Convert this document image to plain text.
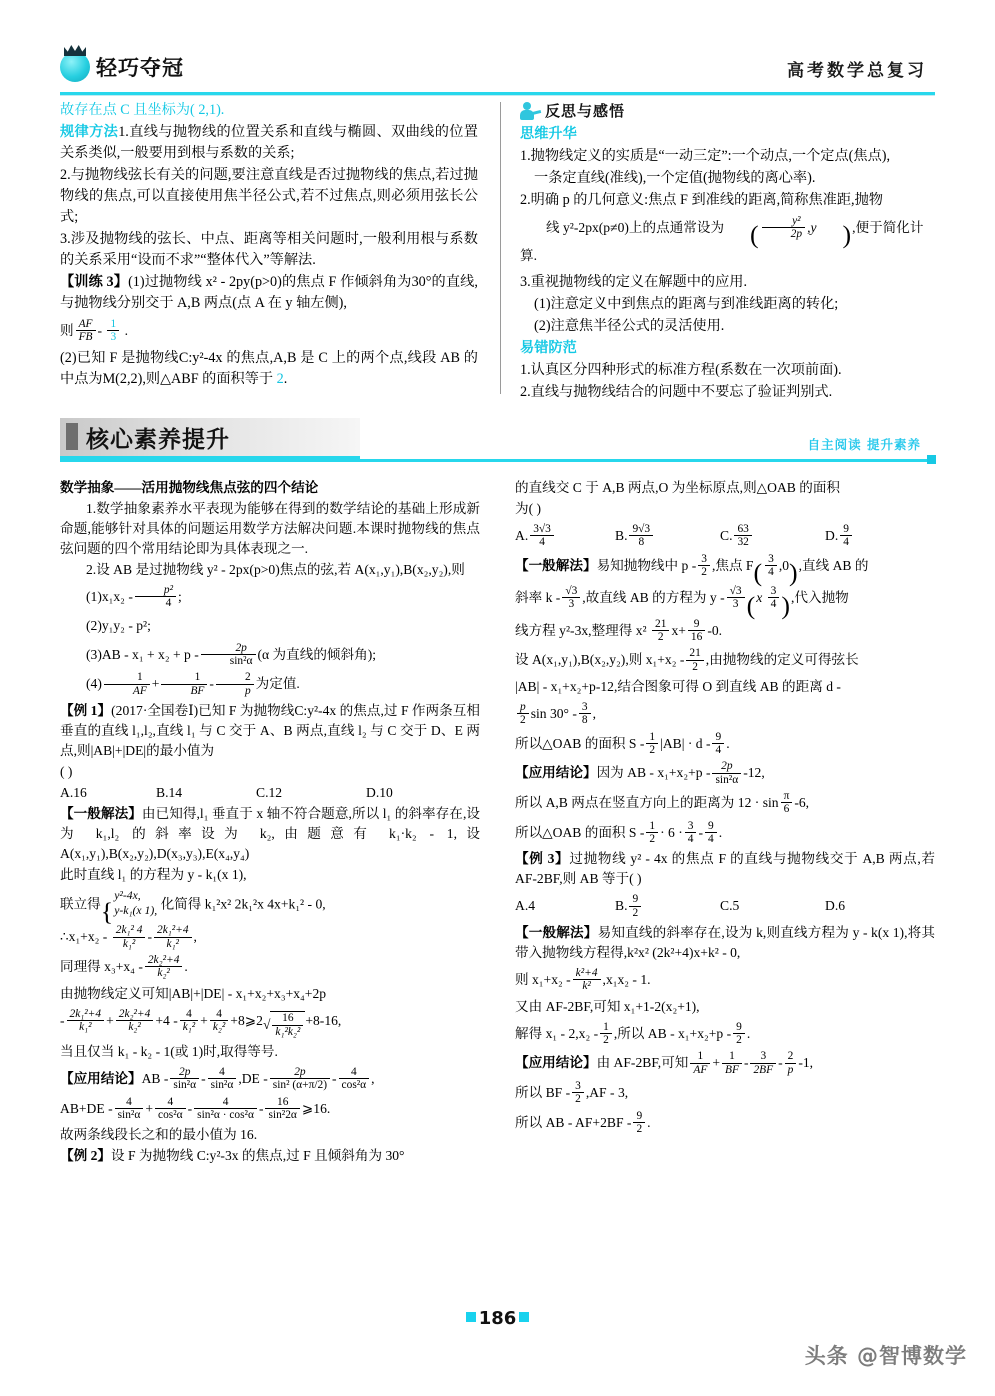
轻巧夺冠	高考数学总复习

故存在点 C 且坐标为( 2,1).

规律方法1.直线与抛物线的位置关系和直线与椭圆、双曲线的位置关系类似,一般要用到根与系数的关系;

2.与抛物线弦长有关的问题,要注意直线是否过抛物线的焦点,若过抛物线的焦点,可以直接使用焦半径公式,若不过焦点,则必须用弦长公式;

3.涉及抛物线的弦长、中点、距离等相关问题时,一般利用根与系数的关系采用“设而不求”“整体代入”等解法.

【训练 3】(1)过抛物线 x² - 2py(p>0)的焦点 F 作倾斜角为30°的直线,与抛物线分别交于 A,B 两点(点 A 在 y 轴左侧),

则 $\frac{AF}{FB} - \frac{1}{3}$ .

(2)已知 F 是抛物线C:y²-4x 的焦点,A,B 是 C 上的两个点,线段 AB 的中点为M(2,2),则△ABF 的面积等于 2.

反思与感悟

思维升华

1.抛物线定义的实质是“一动三定”:一个动点,一个定点(焦点),

一条定直线(准线),一个定值(抛物线的离心率).

2.明确 p 的几何意义:焦点 F 到准线的距离,简称焦准距,抛物

线 y²-2px(p≠0)上的点通常设为 ( $\frac{\text{y²}}{2p} ,y$ ),便于简化计算.

3.重视抛物线的定义在解题中的应用.

(1)注意定义中到焦点的距离与到准线距离的转化;

(2)注意焦半径公式的灵活使用.

易错防范

1.认真区分四种形式的标准方程(系数在一次项前面).

2.直线与抛物线结合的问题中不要忘了验证判别式.

核心素养提升	自主阅读 提升素养

数学抽象——活用抛物线焦点弦的四个结论

1.数学抽象素养水平表现为能够在得到的数学结论的基础上形成新命题,能够针对具体的问题运用数学方法解决问题.本课时抛物线的焦点弦问题的四个常用结论即为具体表现之一.

2.设 AB 是过抛物线 y² - 2px(p>0)焦点的弦,若 A(x₁,y₁),B(x₂,y₂),则

$(1)x_1x_2 - \frac{\text{p²}}{4}$ ;

(2)y₁y₂ - p²;

$(3)AB - x_1 + x_2 + p - \frac{2p}{\text{sin²α}} (\alpha$ 为直线的倾斜角);

$(4) \frac{1}{AF} + \frac{1}{BF} - \frac{2}{p}$ 为定值.

【例 1】(2017·全国卷Ⅰ)已知 F 为抛物线C:y²-4x 的焦点,过 F 作两条互相垂直的直线 l₁,l₂,直线 l₁ 与 C 交于 A、B 两点,直线 l₂ 与 C 交于 D、E 两点,则|AB|+|DE|的最小值为

( )

A.16	B.14	C.12	D.10

【一般解法】由已知得,l₁ 垂直于 x 轴不符合题意,所以 l₁ 的斜率存在,设为 k₁,l₂ 的斜率设为 k₂,由题意有 k₁·k₂ - 1,设 A(x₁,y₁),B(x₂,y₂),D(x₃,y₃),E(x₄,y₄)

此时直线 l₁ 的方程为 y - k₁(x 1),

联立得{
y²-4x,
y-k₁(x 1), 化简得 k₁²x² 2k₁²x 4x+k₁² - 0,

∴x₁+x₂ - $\frac{\text{2k₁² 4}}{\text{k₁²}} - \frac{\text{2k₁²+4}}{\text{k₁²}}$ ,

同理得 $x_3+x_4 - \frac{\text{2k₂²+4}}{\text{k₂²}}$ .

由抛物线定义可知|AB|+|DE| - x₁+x₂+x₃+x₄+2p

- $\frac{\text{2k₁²+4}}{\text{k₁²}} + \frac{\text{2k₂²+4}}{\text{k₂²}} +4 - \frac{4}{\text{k₁²}} + \frac{4}{\text{k₂²}}$ +8⩾2√ $\frac{16}{\text{k₁²k₂²}} +8-16$,

当且仅当 k₁ - k₂ - 1(或 1)时,取得等号.

【应用结论】AB - $\frac{2p}{\text{sin²α}} - \frac{4}{\text{sin²α}} ,DE - \frac{2p}{\text{sin² (α+π/2)}} - \frac{4}{\text{cos²α}}$ ,

$AB+DE - \frac{4}{\text{sin²α}} + \frac{4}{\text{cos²α}} - \frac{4}{\text{sin²α · cos²α}} - \frac{16}{\text{sin²2α}}$ ⩾16.

故两条线段长之和的最小值为 16.

【例 2】设 F 为抛物线 C:y²-3x 的焦点,过 F 且倾斜角为 30°

的直线交 C 于 A,B 两点,O 为坐标原点,则△OAB 的面积

为( )

A. $\frac{3√3}{4}$	B. $\frac{9√3}{8}$	C. $\frac{63}{32}$	D. $\frac{9}{4}$

【一般解法】易知抛物线中 p - $\frac{3}{2}$ ,焦点 $F( \frac{3}{4} ,0)$,直线 AB 的

斜率 k - $\frac{√3}{3}$ ,故直线 AB 的方程为 y - $\frac{√3}{3} (x \frac{3}{4}$ ),代入抛物

线方程 y²-3x,整理得 $x^2 \frac{21}{2} x+ \frac{9}{16} -0$.

设 A(x₁,y₁),B(x₂,y₂),则 $x_1+x_2 - \frac{21}{2}$ ,由抛物线的定义可得弦长

|AB| - x₁+x₂+p-12,结合图象可得 O 到直线 AB 的距离 d -

$\frac{p}{2}$ $\sin 30^\circ - \frac{3}{8}$ ,

所以△OAB 的面积 $S - \frac{1}{2} |AB| \cdot d - \frac{9}{4}$ .

【应用结论】因为 AB - $x_1+x_2+p - \frac{2p}{\text{sin²α}} -12$,

所以 A,B 两点在竖直方向上的距离为 $12 \cdot \sin \frac{\pi}{6} -6$,

所以△OAB 的面积 $S - \frac{1}{2} \cdot 6 \cdot \frac{3}{4} - \frac{9}{4}$ .

【例 3】过抛物线 y² - 4x 的焦点 F 的直线与抛物线交于 A,B 两点,若 AF-2BF,则 AB 等于( )

A.4	B. $\frac{9}{2}$	C.5	D.6

【一般解法】易知直线的斜率存在,设为 k,则直线方程为 y - k(x 1),将其带入抛物线方程得,k²x² (2k²+4)x+k² - 0,

则 $x_1+x_2 - \frac{\text{k²+4}}{\text{k²}} ,x_1x_2 - 1$.

又由 AF-2BF,可知 x₁+1-2(x₂+1),

解得 $x_1 - 2,x_2 - \frac{1}{2}$ ,所以 AB - $x_1+x_2+p - \frac{9}{2}$ .

【应用结论】由 AF-2BF,可知 $\frac{1}{AF} + \frac{1}{BF} - \frac{3}{2BF} - \frac{2}{p} -1$,

所以 BF - $\frac{3}{2} ,AF - 3$,

所以 AB - $AF+2BF - \frac{9}{2}$ .

186
头条 @智博数学
